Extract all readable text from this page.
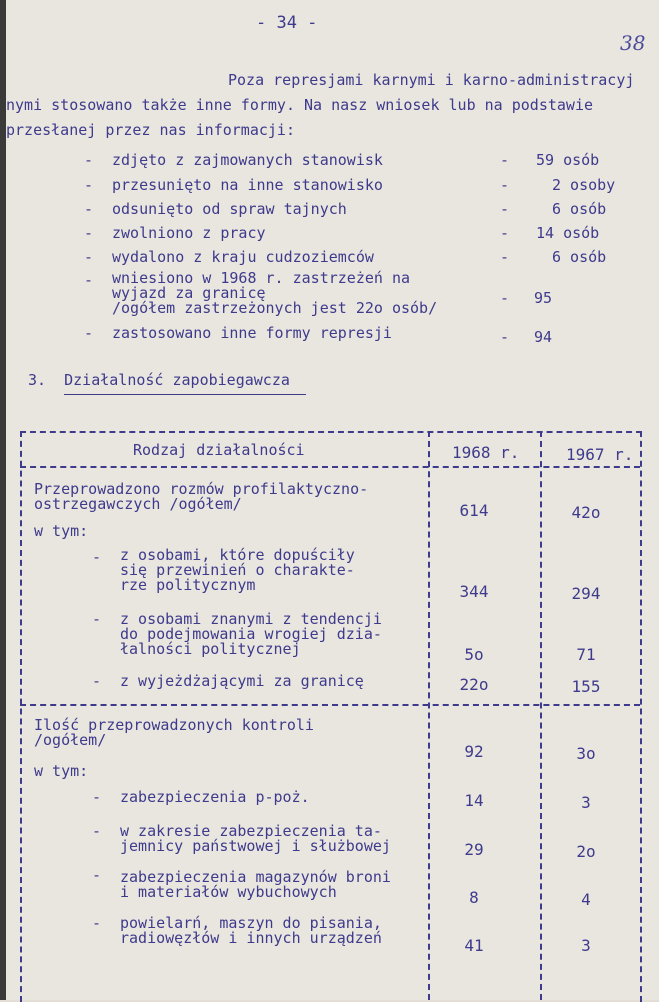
- 34 -
38
Poza represjami karnymi i karno-administracyj
nymi stosowano także inne formy. Na nasz wniosek lub na podstawie
przesłanej przez nas informacji:
- zdjęto z zajmowanych stanowisk	- 59 osób
- przesunięto na inne stanowisko	-	2 osoby
- odsunięto od spraw tajnych	-	6 osób
- zwolniono z pracy	- 14 osób
- wydalono z kraju cudzoziemców	-	6 osób
- wniesiono w 1968 r. zastrzeżeń na
wyjazd za granicę
/ogółem zastrzeżonych jest 22o osób/
- 95
- zastosowano inne formy represji	- 94
3.  Działalność zapobiegawcza
Rodzaj działalności	1968 r.	1967 r.
Przeprowadzono rozmów profilaktyczno-
ostrzegawczych /ogółem/	614	42o
w tym:
- z osobami, które dopuściły
się przewinień o charakte-
rze politycznym	344	294
- z osobami znanymi z tendencji
do podejmowania wrogiej dzia-
łalności politycznej	5o	71
- z wyjeżdżającymi za granicę	22o	155
Ilość przeprowadzonych kontroli
/ogółem/
92	3o
w tym:
- zabezpieczenia p-poż.	14	3
- w zakresie zabezpieczenia ta-
jemnicy państwowej i służbowej	29	2o
- zabezpieczenia magazynów broni
i materiałów wybuchowych	8	4
- powielarń, maszyn do pisania,
radiowęzłów i innych urządzeń	41	3
